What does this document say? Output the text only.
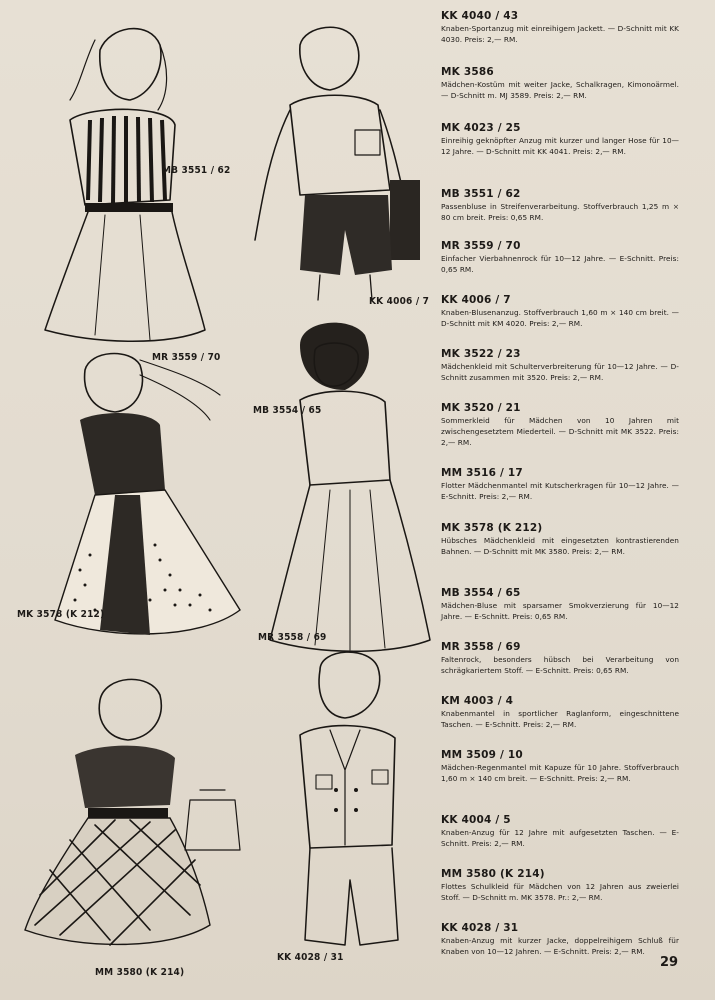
MB 3551 / 62
KK 4006 / 7
MR 3559 / 70
MB 3554 / 65
MK 3578 (K 212)
MR 3558 / 69
MM 3580 (K 214)
KK 4028 / 31
KK 4040 / 43
Knaben-Sportanzug mit einreihigem Jackett. — D-Schnitt mit KK 4030. Preis: 2,— RM.
MK 3586
Mädchen-Kostüm mit weiter Jacke, Schalkragen, Kimonoärmel. — D-Schnitt m. MJ 3589. Preis: 2,— RM.
MK 4023 / 25
Einreihig geknöpfter Anzug mit kurzer und langer Hose für 10—12 Jahre. — D-Schnitt mit KK 4041. Preis: 2,— RM.
MB 3551 / 62
Passenbluse in Streifenverarbeitung. Stoffverbrauch 1,25 m × 80 cm breit. Preis: 0,65 RM.
MR 3559 / 70
Einfacher Vierbahnenrock für 10—12 Jahre. — E-Schnitt. Preis: 0,65 RM.
KK 4006 / 7
Knaben-Blusenanzug. Stoffverbrauch 1,60 m × 140 cm breit. — D-Schnitt mit KM 4020. Preis: 2,— RM.
MK 3522 / 23
Mädchenkleid mit Schulterverbreiterung für 10—12 Jahre. — D-Schnitt zusammen mit 3520. Preis: 2,— RM.
MK 3520 / 21
Sommerkleid für Mädchen von 10 Jahren mit zwischengesetztem Miederteil. — D-Schnitt mit MK 3522. Preis: 2,— RM.
MM 3516 / 17
Flotter Mädchenmantel mit Kutscherkragen für 10—12 Jahre. — E-Schnitt. Preis: 2,— RM.
MK 3578 (K 212)
Hübsches Mädchenkleid mit eingesetzten kontrastierenden Bahnen. — D-Schnitt mit MK 3580. Preis: 2,— RM.
MB 3554 / 65
Mädchen-Bluse mit sparsamer Smokverzierung für 10—12 Jahre. — E-Schnitt. Preis: 0,65 RM.
MR 3558 / 69
Faltenrock, besonders hübsch bei Verarbeitung von schrägkariertem Stoff. — E-Schnitt. Preis: 0,65 RM.
KM 4003 / 4
Knabenmantel in sportlicher Raglanform, eingeschnittene Taschen. — E-Schnitt. Preis: 2,— RM.
MM 3509 / 10
Mädchen-Regenmantel mit Kapuze für 10 Jahre. Stoffverbrauch 1,60 m × 140 cm breit. — E-Schnitt. Preis: 2,— RM.
KK 4004 / 5
Knaben-Anzug für 12 Jahre mit aufgesetzten Taschen. — E-Schnitt. Preis: 2,— RM.
MM 3580 (K 214)
Flottes Schulkleid für Mädchen von 12 Jahren aus zweierlei Stoff. — D-Schnitt m. MK 3578. Pr.: 2,— RM.
KK 4028 / 31
Knaben-Anzug mit kurzer Jacke, doppelreihigem Schluß für Knaben von 10—12 Jahren. — E-Schnitt. Preis: 2,— RM.
29
